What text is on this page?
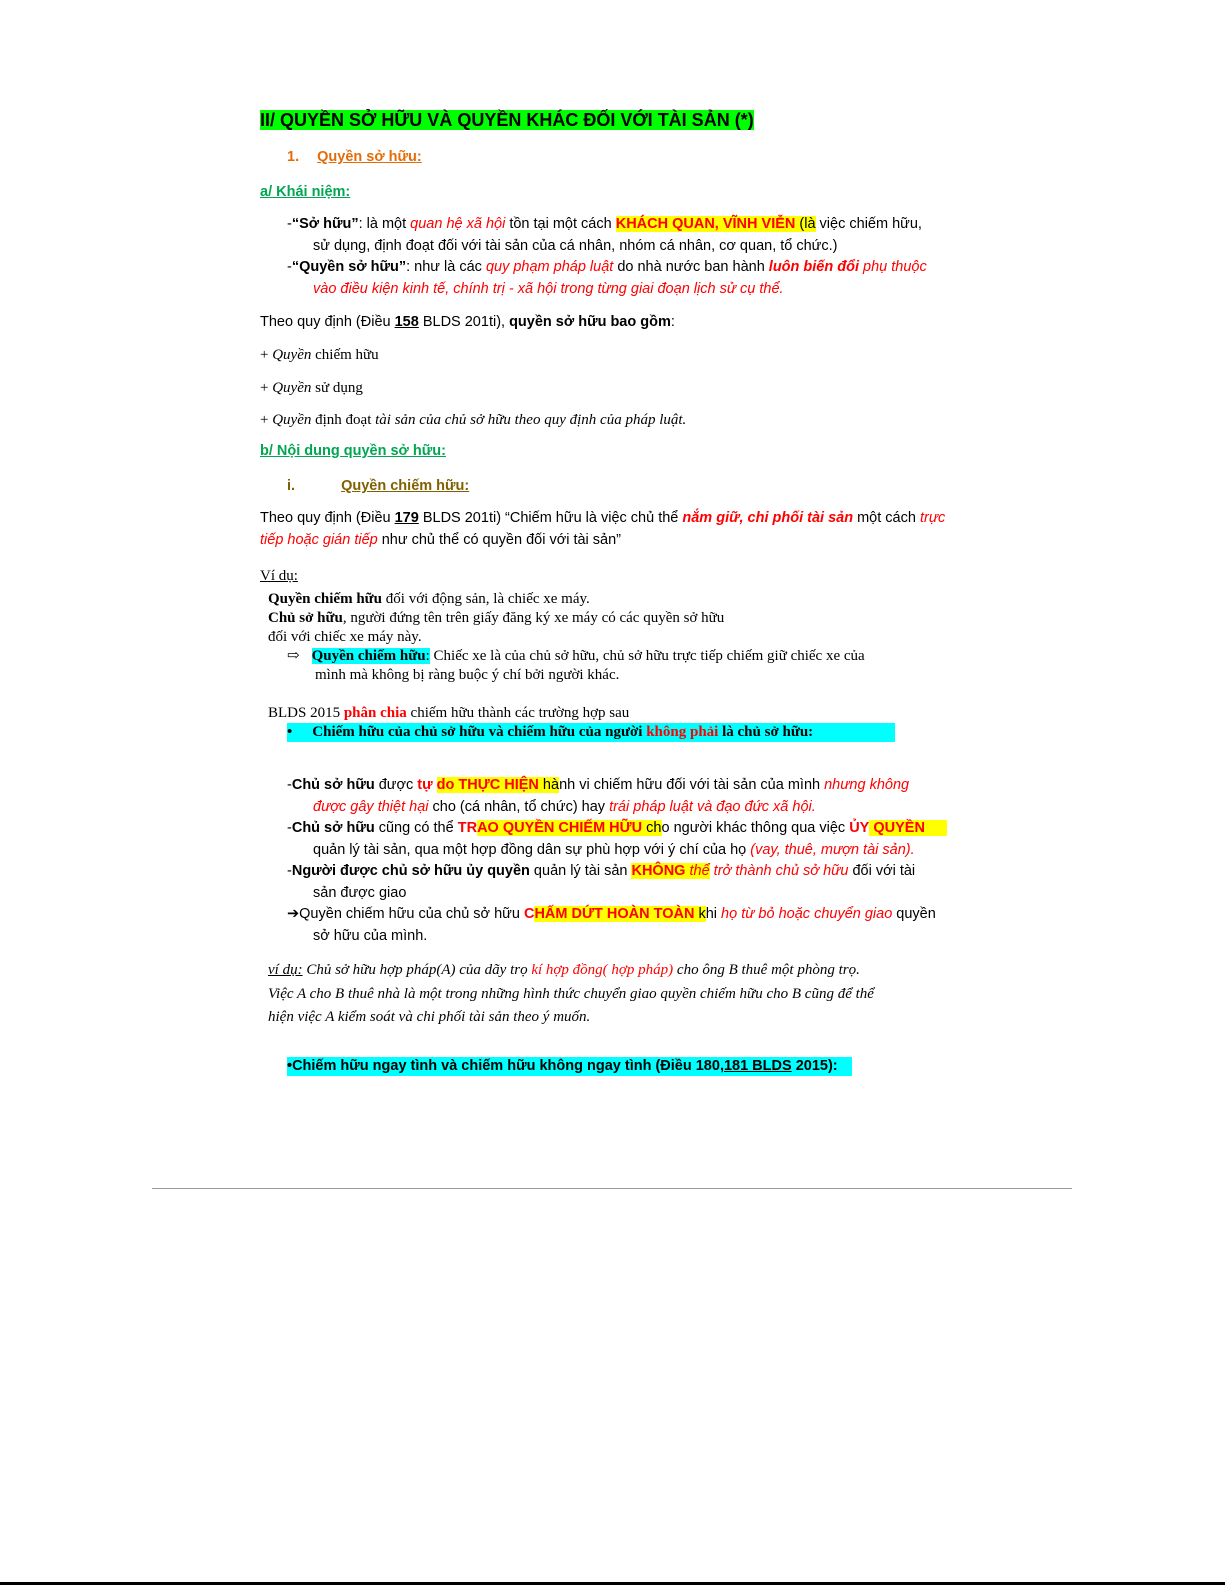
II/ QUYỀN SỞ HỮU VÀ QUYỀN KHÁC ĐỐI VỚI TÀI SẢN (*)
1. Quyền sở hữu:
a/ Khái niệm:
-“Sở hữu”: là một quan hệ xã hội tồn tại một cách KHÁCH QUAN, VĨNH VIỄN (là việc chiếm hữu,
sử dụng, định đoạt đối với tài sản của cá nhân, nhóm cá nhân, cơ quan, tổ chức.)
-“Quyền sở hữu”: như là các quy phạm pháp luật do nhà nước ban hành luôn biến đổi phụ thuộc
vào điều kiện kinh tế, chính trị - xã hội trong từng giai đoạn lịch sử cụ thể.
Theo quy định (Điều 158 BLDS 201ti), quyền sở hữu bao gồm:
+ Quyền chiếm hữu
+ Quyền sử dụng
+ Quyền định đoạt tài sản của chủ sở hữu theo quy định của pháp luật.
b/ Nội dung quyền sở hữu:
i.	Quyền chiếm hữu:
Theo quy định (Điều 179 BLDS 201ti) “Chiếm hữu là việc chủ thể nắm giữ, chi phối tài sản một cách trực
tiếp hoặc gián tiếp như chủ thể có quyền đối với tài sản”
Ví dụ:
Quyền chiếm hữu đối với động sản, là chiếc xe máy.
Chủ sở hữu, người đứng tên trên giấy đăng ký xe máy có các quyền sở hữu
đối với chiếc xe máy này.
⇨ Quyền chiếm hữu: Chiếc xe là của chủ sở hữu, chủ sở hữu trực tiếp chiếm giữ chiếc xe của
mình mà không bị ràng buộc ý chí bởi người khác.
BLDS 2015 phân chia chiếm hữu thành các trường hợp sau
• Chiếm hữu của chủ sở hữu và chiếm hữu của người không phải là chủ sở hữu:
-Chủ sở hữu được tự do THỰC HIỆN hành vi chiếm hữu đối với tài sản của mình nhưng không
được gây thiệt hại cho (cá nhân, tổ chức) hay trái pháp luật và đạo đức xã hội.
-Chủ sở hữu cũng có thể TRAO QUYỀN CHIẾM HỮU cho người khác thông qua việc ỦY QUYỀN
quản lý tài sản, qua một hợp đồng dân sự phù hợp với ý chí của họ (vay, thuê, mượn tài sản).
-Người được chủ sở hữu ủy quyền quản lý tài sản KHÔNG thể trở thành chủ sở hữu đối với tài
sản được giao
➔Quyền chiếm hữu của chủ sở hữu CHẤM DỨT HOÀN TOÀN khi họ từ bỏ hoặc chuyển giao quyền
sở hữu của mình.
ví dụ: Chủ sở hữu hợp pháp(A) của dãy trọ kí hợp đồng( hợp pháp) cho ông B thuê một phòng trọ.
Việc A cho B thuê nhà là một trong những hình thức chuyển giao quyền chiếm hữu cho B cũng để thể
hiện việc A kiểm soát và chi phối tài sản theo ý muốn.
•Chiếm hữu ngay tình và chiếm hữu không ngay tình (Điều 180,181 BLDS 2015):
